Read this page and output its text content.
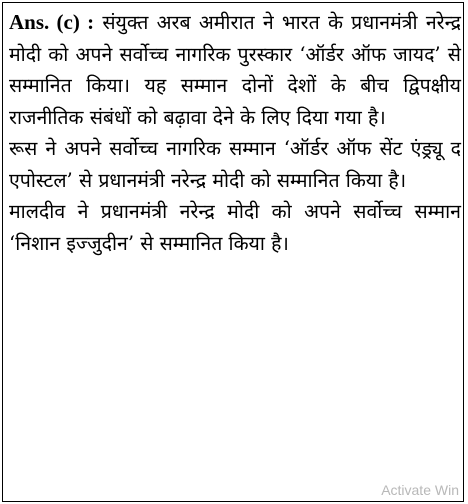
Ans. (c) : संयुक्त अरब अमीरात ने भारत के प्रधानमंत्री नरेन्द्र मोदी को अपने सर्वोच्च नागरिक पुरस्कार ‘ऑर्डर ऑफ जायद’ से सम्मानित किया। यह सम्मान दोनों देशों के बीच द्विपक्षीय राजनीतिक संबंधों को बढ़ावा देने के लिए दिया गया है।

रूस ने अपने सर्वोच्च नागरिक सम्मान ‘ऑर्डर ऑफ सेंट एंड्र्यू द एपोस्टल’ से प्रधानमंत्री नरेन्द्र मोदी को सम्मानित किया है।

मालदीव ने प्रधानमंत्री नरेन्द्र मोदी को अपने सर्वोच्च सम्मान ‘निशान इज्जुदीन’ से सम्मानित किया है।

Activate Win
